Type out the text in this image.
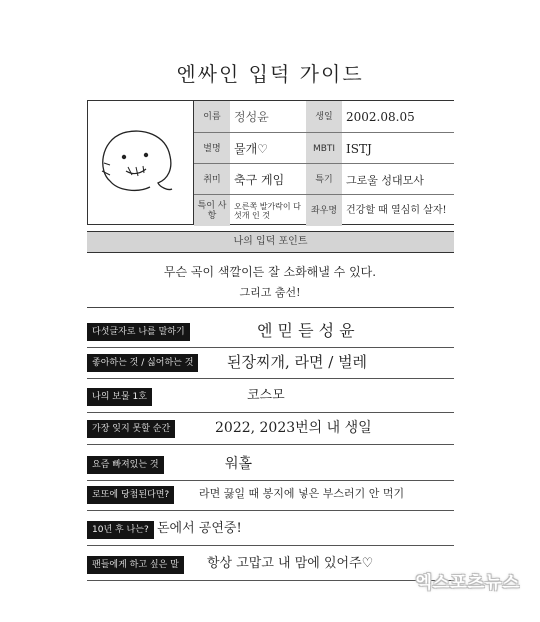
엔싸인 입덕 가이드
이름	정성윤	생일	2002.08.05
별명	물개♡	MBTI ISTJ
취미	축구 게임	특기	그로울 성대모사
특이 사항
오른쪽 발가락이 다섯개 인 것	좌우명 건강할 때 열심히 살자!
나의 입덕 포인트
무슨 곡이 색깔이든 잘 소화해낼 수 있다.
그리고 춤선!
다섯글자로 나를 말하기	엔 믿 듣 성 윤
좋아하는 것 / 싫어하는 것	된장찌개, 라면 / 벌레
나의 보물 1호	코스모
가장 잊지 못할 순간	2022, 2023번의 내 생일
요즘 빠져있는 것	워홀
로또에 당첨된다면?	라면 끓일 때 봉지에 넣은 부스러기 안 먹기
10년 후 나는? 돈에서 공연중!
팬들에게 하고 싶은 말	항상 고맙고 내 맘에 있어주♡
엑스포츠뉴스
